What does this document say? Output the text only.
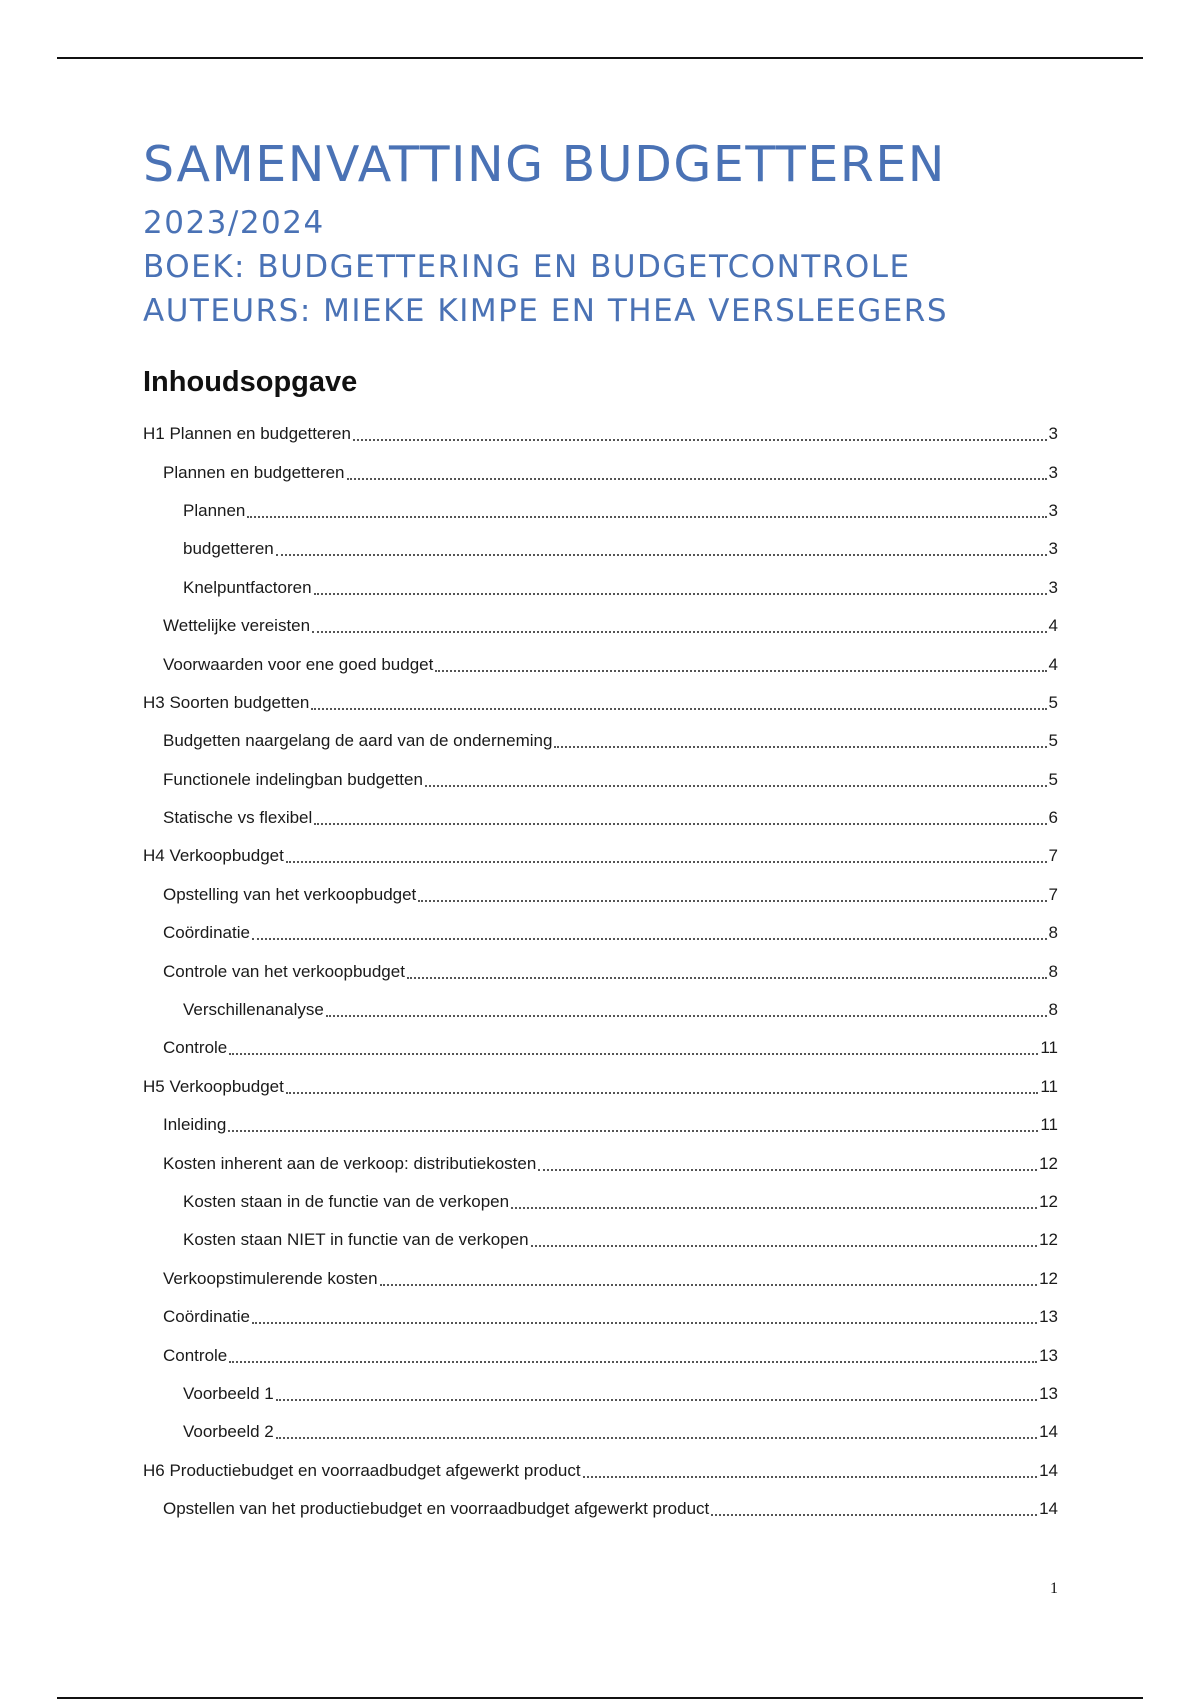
SAMENVATTING BUDGETTEREN
2023/2024
BOEK: BUDGETTERING EN BUDGETCONTROLE
AUTEURS: MIEKE KIMPE EN THEA VERSLEEGERS
Inhoudsopgave
H1 Plannen en budgetteren	3
Plannen en budgetteren	3
Plannen	3
budgetteren	3
Knelpuntfactoren	3
Wettelijke vereisten	4
Voorwaarden voor ene goed budget	4
H3 Soorten budgetten	5
Budgetten naargelang de aard van de onderneming	5
Functionele indelingban budgetten	5
Statische vs flexibel	6
H4 Verkoopbudget	7
Opstelling van het verkoopbudget	7
Coördinatie	8
Controle van het verkoopbudget	8
Verschillenanalyse	8
Controle	11
H5 Verkoopbudget	11
Inleiding	11
Kosten inherent aan de verkoop: distributiekosten	12
Kosten staan in de functie van de verkopen	12
Kosten staan NIET in functie van de verkopen	12
Verkoopstimulerende kosten	12
Coördinatie	13
Controle	13
Voorbeeld 1	13
Voorbeeld 2	14
H6 Productiebudget en voorraadbudget afgewerkt product	14
Opstellen van het productiebudget en voorraadbudget afgewerkt product	14
1
